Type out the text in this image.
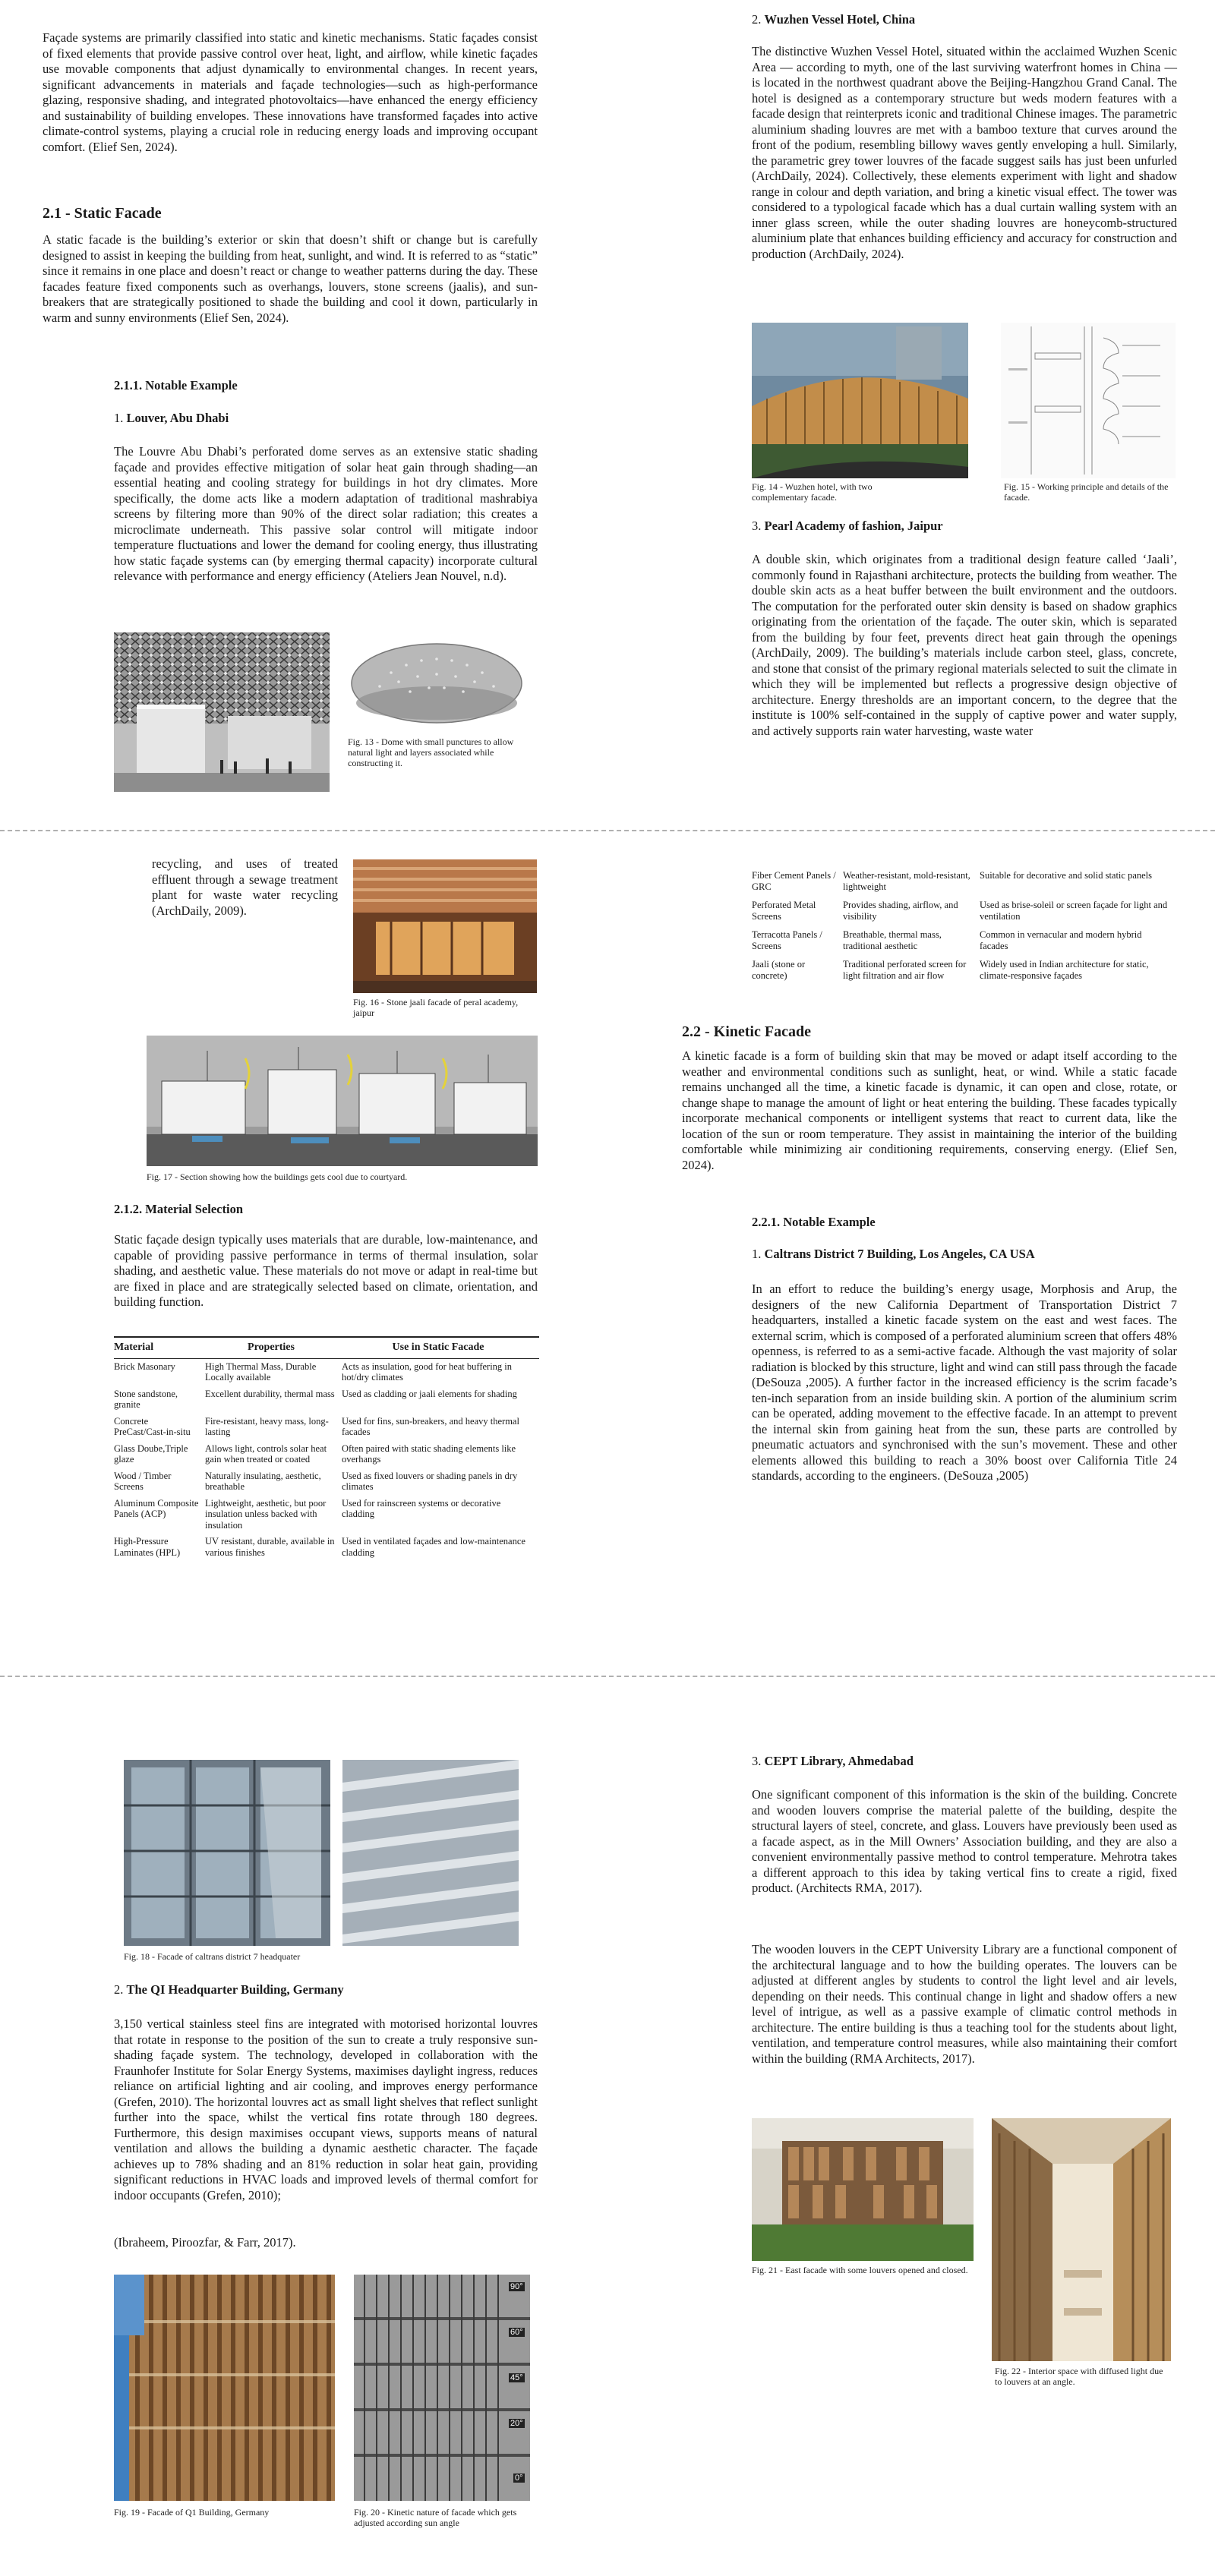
Façade systems are primarily classified into static and kinetic mechanisms. Static façades consist of fixed elements that provide passive control over heat, light, and airflow, while kinetic façades use movable components that adjust dynamically to environmental changes. In recent years, significant advancements in materials and façade technologies—such as high-performance glazing, responsive shading, and integrated photovoltaics—have enhanced the energy efficiency and sustainability of building envelopes. These innovations have transformed façades into active climate-control systems, playing a crucial role in reducing energy loads and improving occupant comfort. (Elief Sen, 2024).

2.1 - Static Facade

A static facade is the building’s exterior or skin that doesn’t shift or change but is carefully designed to assist in keeping the building from heat, sunlight, and wind. It is referred to as “static” since it remains in one place and doesn’t react or change to weather patterns during the day. These facades feature fixed components such as overhangs, louvers, stone screens (jaalis), and sun-breakers that are strategically positioned to shade the building and cool it down, particularly in warm and sunny environments (Elief Sen, 2024).

2.1.1. Notable Example

1. Louver, Abu Dhabi

The Louvre Abu Dhabi’s perforated dome serves as an extensive static shading façade and provides effective mitigation of solar heat gain through shading—an essential heating and cooling strategy for buildings in hot dry climates. More specifically, the dome acts like a modern adaptation of traditional mashrabiya screens by filtering more than 90% of the direct solar radiation; this creates a microclimate underneath. This passive solar control will mitigate indoor temperature fluctuations and lower the demand for cooling energy, thus illustrating how static façade systems can (by emerging thermal capacity) incorporate cultural relevance with performance and energy efficiency (Ateliers Jean Nouvel, n.d).

Fig. 13 - Dome with small punctures to allow natural light and layers associated while constructing it.

2. Wuzhen Vessel Hotel, China

The distinctive Wuzhen Vessel Hotel, situated within the acclaimed Wuzhen Scenic Area — according to myth, one of the last surviving waterfront homes in China — is located in the northwest quadrant above the Beijing-Hangzhou Grand Canal. The hotel is designed as a contemporary structure but weds modern features with a facade design that reinterprets iconic and traditional Chinese images. The parametric aluminium shading louvres are met with a bamboo texture that curves around the front of the podium, resembling billowy waves gently enveloping a hull. Similarly, the parametric grey tower louvres of the facade suggest sails has just been unfurled (ArchDaily, 2024). Collectively, these elements experiment with light and shadow range in colour and depth variation, and bring a kinetic visual effect. The tower was considered to a typological facade which has a dual curtain walling system with an inner glass screen, while the outer shading louvres are honeycomb-structured aluminium plate that enhances building efficiency and accuracy for construction and production (ArchDaily, 2024).

Fig. 14 - Wuzhen hotel, with two complementary facade.

Fig. 15 - Working principle and details of the facade.

3. Pearl Academy of fashion, Jaipur

A double skin, which originates from a traditional design feature called ‘Jaali’, commonly found in Rajasthani architecture, protects the building from weather. The double skin acts as a heat buffer between the built environment and the outdoors. The computation for the perforated outer skin density is based on shadow graphics originating from the orientation of the façade. The outer skin, which is separated from the building by four feet, prevents direct heat gain through the openings (ArchDaily, 2009). The building’s materials include carbon steel, glass, concrete, and stone that consist of the primary regional materials selected to suit the climate in which they will be implemented but reflects a progressive design objective of architecture. Energy thresholds are an important concern, to the degree that the institute is 100% self-contained in the supply of captive power and water supply, and actively supports rain water harvesting, waste water

recycling, and uses of treated effluent through a sewage treatment plant for waste water recycling (ArchDaily, 2009).

Fig. 16 - Stone jaali facade of peral academy, jaipur

Fig. 17 - Section showing how the buildings gets cool due to courtyard.

2.1.2. Material Selection

Static façade design typically uses materials that are durable, low-maintenance, and capable of providing passive performance in terms of thermal insulation, solar shading, and aesthetic value. These materials do not move or adapt in real-time but are fixed in place and are strategically selected based on climate, orientation, and building function.

Material	Properties	Use in Static Facade
Brick Masonary	High Thermal Mass, Durable Locally available	Acts as insulation, good for heat buffering in hot/dry climates
Stone sandstone, granite	Excellent durability, thermal mass	Used as cladding or jaali elements for shading
Concrete PreCast/Cast-in-situ	Fire-resistant, heavy mass, long-lasting	Used for fins, sun-breakers, and heavy thermal facades
Glass Doube,Triple glaze	Allows light, controls solar heat gain when treated or coated	Often paired with static shading elements like overhangs
Wood / Timber Screens	Naturally insulating, aesthetic, breathable	Used as fixed louvers or shading panels in dry climates
Aluminum Composite Panels (ACP)	Lightweight, aesthetic, but poor insulation unless backed with insulation	Used for rainscreen systems or decorative cladding
High-Pressure Laminates (HPL)	UV resistant, durable, available in various finishes	Used in ventilated façades and low-maintenance cladding
Fiber Cement Panels / GRC	Weather-resistant, mold-resistant, lightweight	Suitable for decorative and solid static panels
Perforated Metal Screens	Provides shading, airflow, and visibility	Used as brise-soleil or screen façade for light and ventilation
Terracotta Panels / Screens	Breathable, thermal mass, traditional aesthetic	Common in vernacular and modern hybrid facades
Jaali (stone or concrete)	Traditional perforated screen for light filtration and air flow	Widely used in Indian architecture for static, climate-responsive façades
2.2 - Kinetic Facade

A kinetic facade is a form of building skin that may be moved or adapt itself according to the weather and environmental conditions such as sunlight, heat, or wind. While a static facade remains unchanged all the time, a kinetic facade is dynamic, it can open and close, rotate, or change shape to manage the amount of light or heat entering the building. These facades typically incorporate mechanical components or intelligent systems that react to current data, like the location of the sun or room temperature. They assist in maintaining the interior of the building comfortable while minimizing air conditioning requirements, conserving energy. (Elief Sen, 2024).

2.2.1. Notable Example

1. Caltrans District 7 Building, Los Angeles, CA USA

In an effort to reduce the building’s energy usage, Morphosis and Arup, the designers of the new California Department of Transportation District 7 headquarters, installed a kinetic facade system on the east and west faces. The external scrim, which is composed of a perforated aluminium screen that offers 48% openness, is referred to as a semi-active facade. Although the vast majority of solar radiation is blocked by this structure, light and wind can still pass through the facade (DeSouza ,2005). A further factor in the increased efficiency is the scrim facade’s ten-inch separation from an inside building skin. A portion of the aluminium scrim can be operated, adding movement to the effective facade. In an attempt to prevent the internal skin from gaining heat from the sun, these parts are controlled by pneumatic actuators and synchronised with the sun’s movement. These and other elements allowed this building to reach a 30% boost over California Title 24 standards, according to the engineers. (DeSouza ,2005)

Fig. 18 - Facade of caltrans district 7 headquater

2. The QI Headquarter Building, Germany

3,150 vertical stainless steel fins are integrated with motorised horizontal louvres that rotate in response to the position of the sun to create a truly responsive sun-shading façade system. The technology, developed in collaboration with the Fraunhofer Institute for Solar Energy Systems, maximises daylight ingress, reduces reliance on artificial lighting and air cooling, and improves energy performance (Grefen, 2010). The horizontal louvres act as small light shelves that reflect sunlight further into the space, whilst the vertical fins rotate through 180 degrees. Furthermore, this design maximises occupant views, supports means of natural ventilation and allows the building a dynamic aesthetic character. The façade achieves up to 78% shading and an 81% reduction in solar heat gain, providing significant reductions in HVAC loads and improved levels of thermal comfort for indoor occupants (Grefen, 2010);

(Ibraheem, Piroozfar, & Farr, 2017).

Fig. 19 - Facade of Q1 Building, Germany

90°
60°
45°
20°
0°

Fig. 20 - Kinetic nature of facade which gets adjusted according sun angle

3. CEPT Library, Ahmedabad

One significant component of this information is the skin of the building. Concrete and wooden louvers comprise the material palette of the building, despite the structural layers of steel, concrete, and glass. Louvers have previously been used as a facade aspect, as in the Mill Owners’ Association building, and they are also a convenient environmentally passive method to control temperature. Mehrotra takes a different approach to this idea by taking vertical fins to create a rigid, fixed product. (Architects RMA, 2017).

The wooden louvers in the CEPT University Library are a functional component of the architectural language and to how the building operates. The louvers can be adjusted at different angles by students to control the light level and air levels, depending on their needs. This continual change in light and shadow offers a new level of intrigue, as well as a passive example of climatic control methods in architecture. The entire building is thus a teaching tool for the students about light, ventilation, and temperature control measures, while also maintaining their comfort within the building (RMA Architects, 2017).

Fig. 21 - East facade with some louvers opened and closed.

Fig. 22 - Interior space with diffused light due to louvers at an angle.
